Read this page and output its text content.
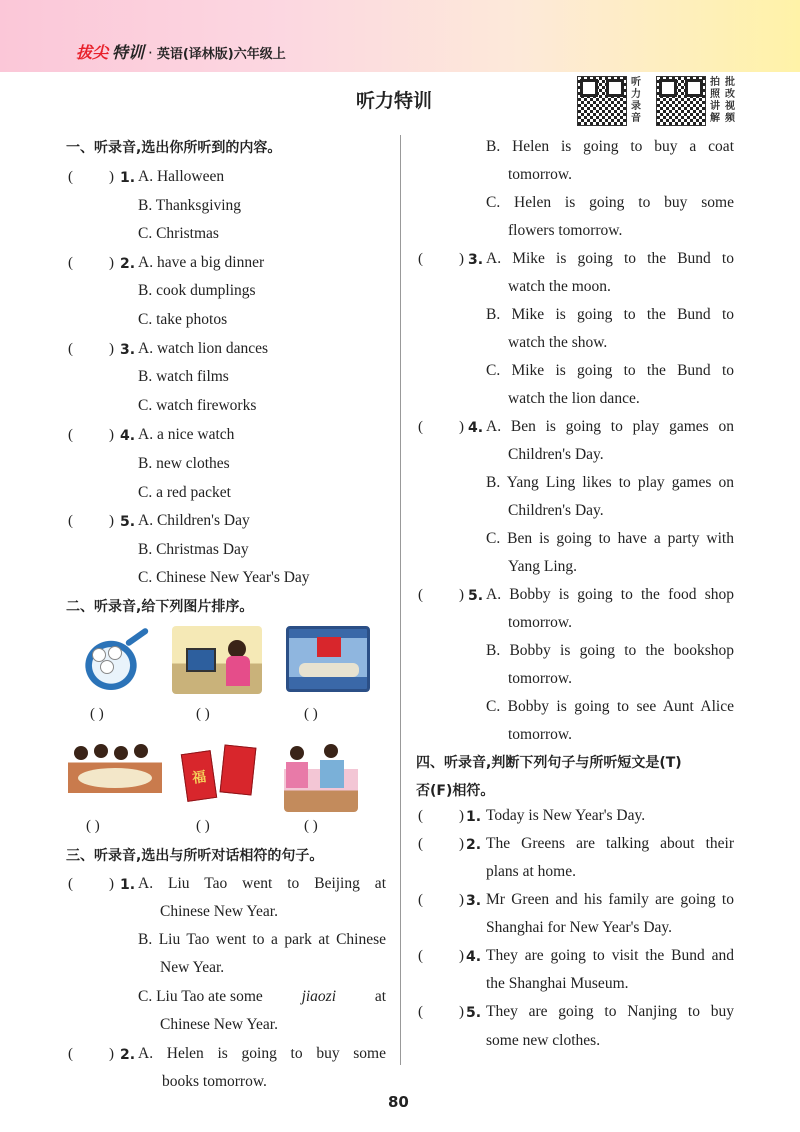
拔尖 特训 · 英语(译林版)六年级上
听力特训
听力录音
拍照讲解批改视频
一、听录音,选出你所听到的内容。
( ) 1. A. Halloween
B. Thanksgiving
C. Christmas
( ) 2. A. have a big dinner
B. cook dumplings
C. take photos
( ) 3. A. watch lion dances
B. watch films
C. watch fireworks
( ) 4. A. a nice watch
B. new clothes
C. a red packet
( ) 5. A. Children's Day
B. Christmas Day
C. Chinese New Year's Day
二、听录音,给下列图片排序。
( )	( )	( )
福
( )	( )	( )
三、听录音,选出与所听对话相符的句子。
( ) 1. A. Liu Tao went to Beijing at
Chinese New Year.
B. Liu Tao went to a park at Chinese
New Year.
C. Liu Tao ate some	jiaozi	at
Chinese New Year.
( ) 2. A. Helen is going to buy some
books tomorrow.
B. Helen is going to buy a coat
tomorrow.
C. Helen is going to buy some
flowers tomorrow.
( ) 3. A. Mike is going to the Bund to
watch the moon.
B. Mike is going to the Bund to
watch the show.
C. Mike is going to the Bund to
watch the lion dance.
( ) 4. A. Ben is going to play games on
Children's Day.
B. Yang Ling likes to play games on
Children's Day.
C. Ben is going to have a party with
Yang Ling.
( ) 5. A. Bobby is going to the food shop
tomorrow.
B. Bobby is going to the bookshop
tomorrow.
C. Bobby is going to see Aunt Alice
tomorrow.
四、听录音,判断下列句子与所听短文是(T)
否(F)相符。
( ) 1. Today is New Year's Day.
( ) 2. The Greens are talking about their
plans at home.
( ) 3. Mr Green and his family are going to
Shanghai for New Year's Day.
( ) 4. They are going to visit the Bund and
the Shanghai Museum.
( ) 5. They are going to Nanjing to buy
some new clothes.
80
